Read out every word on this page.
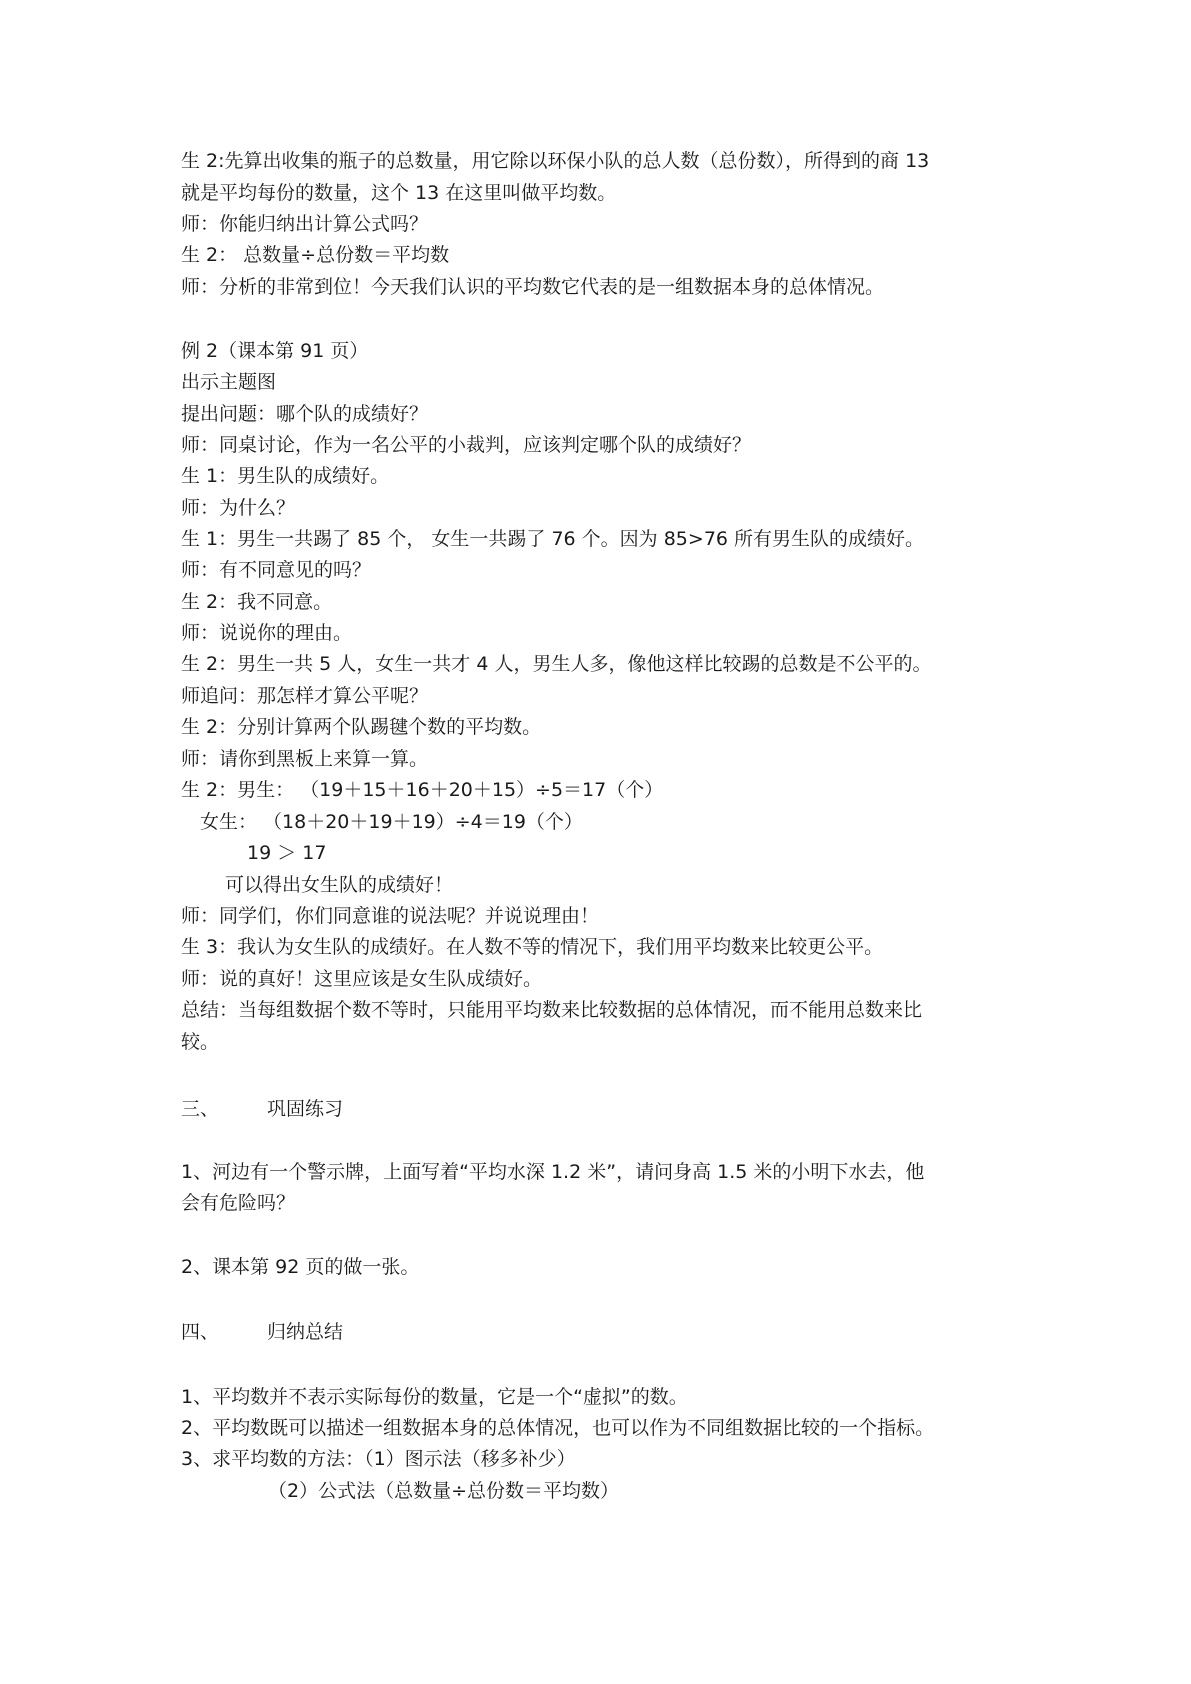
生 2:先算出收集的瓶子的总数量，用它除以环保小队的总人数（总份数），所得到的商 13
就是平均每份的数量，这个 13 在这里叫做平均数。
师：你能归纳出计算公式吗？
生 2： 总数量÷总份数＝平均数
师：分析的非常到位！今天我们认识的平均数它代表的是一组数据本身的总体情况。
例 2（课本第 91 页）
出示主题图
提出问题：哪个队的成绩好？
师：同桌讨论，作为一名公平的小裁判，应该判定哪个队的成绩好？
生 1：男生队的成绩好。
师：为什么？
生 1：男生一共踢了 85 个， 女生一共踢了 76 个。因为 85>76 所有男生队的成绩好。
师：有不同意见的吗？
生 2：我不同意。
师：说说你的理由。
生 2：男生一共 5 人，女生一共才 4 人，男生人多，像他这样比较踢的总数是不公平的。
师追问：那怎样才算公平呢？
生 2：分别计算两个队踢毽个数的平均数。
师：请你到黑板上来算一算。
生 2：男生： （19＋15＋16＋20＋15）÷5＝17（个）
女生： （18＋20＋19＋19）÷4＝19（个）
19 ＞ 17
可以得出女生队的成绩好！
师：同学们，你们同意谁的说法呢？并说说理由！
生 3：我认为女生队的成绩好。在人数不等的情况下，我们用平均数来比较更公平。
师：说的真好！这里应该是女生队成绩好。
总结：当每组数据个数不等时，只能用平均数来比较数据的总体情况，而不能用总数来比
较。
三、	巩固练习
1、河边有一个警示牌，上面写着“平均水深 1.2 米”，请问身高 1.5 米的小明下水去，他
会有危险吗？
2、课本第 92 页的做一张。
四、	归纳总结
1、平均数并不表示实际每份的数量，它是一个“虚拟”的数。
2、平均数既可以描述一组数据本身的总体情况，也可以作为不同组数据比较的一个指标。
3、求平均数的方法：（1）图示法（移多补少）
（2）公式法（总数量÷总份数＝平均数）
